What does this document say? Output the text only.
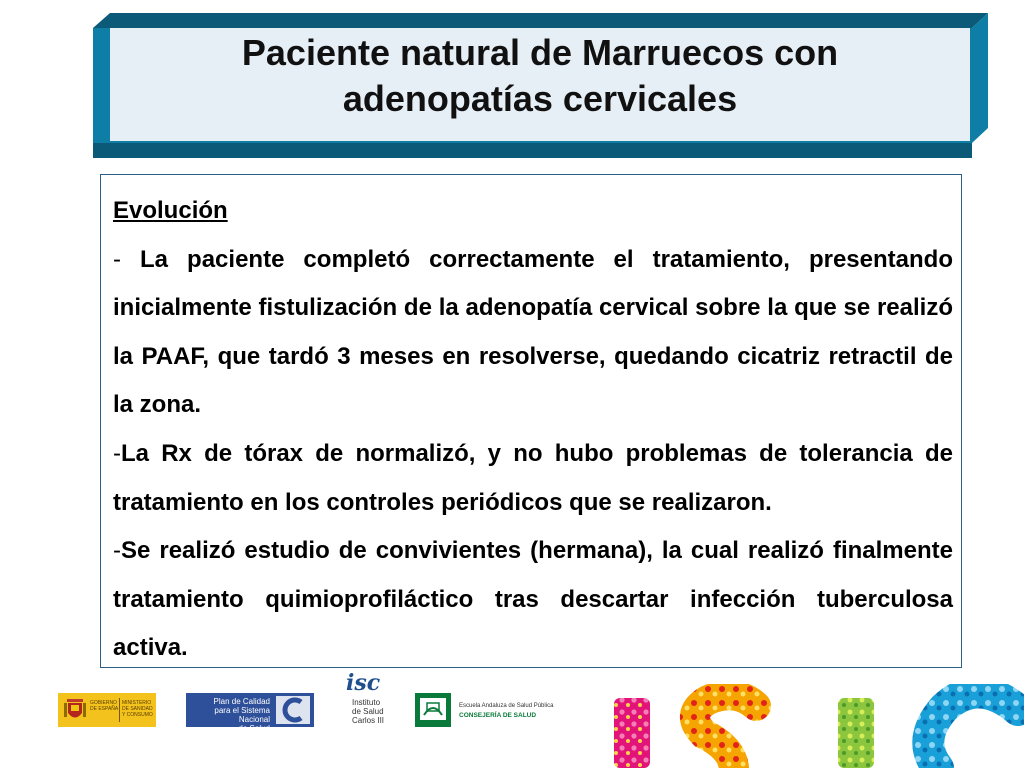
Paciente natural de Marruecos con
adenopatías cervicales
Evolución
- La paciente completó correctamente el tratamiento, presentando inicialmente fistulización de la adenopatía cervical sobre la que se realizó la PAAF, que tardó 3 meses en resolverse, quedando cicatriz retractil de la zona.
-La Rx de tórax de normalizó, y no hubo problemas de tolerancia de tratamiento en los controles periódicos que se realizaron.
-Se realizó estudio de convivientes (hermana), la cual realizó finalmente tratamiento quimioprofiláctico tras descartar infección tuberculosa activa.
GOBIERNO
DE ESPAÑA
MINISTERIO DE SANIDAD Y CONSUMO
Plan de Calidad
para el Sistema Nacional
de Salud
isc
Instituto
de Salud
Carlos III
Escuela Andaluza de Salud Pública
CONSEJERÍA DE SALUD
